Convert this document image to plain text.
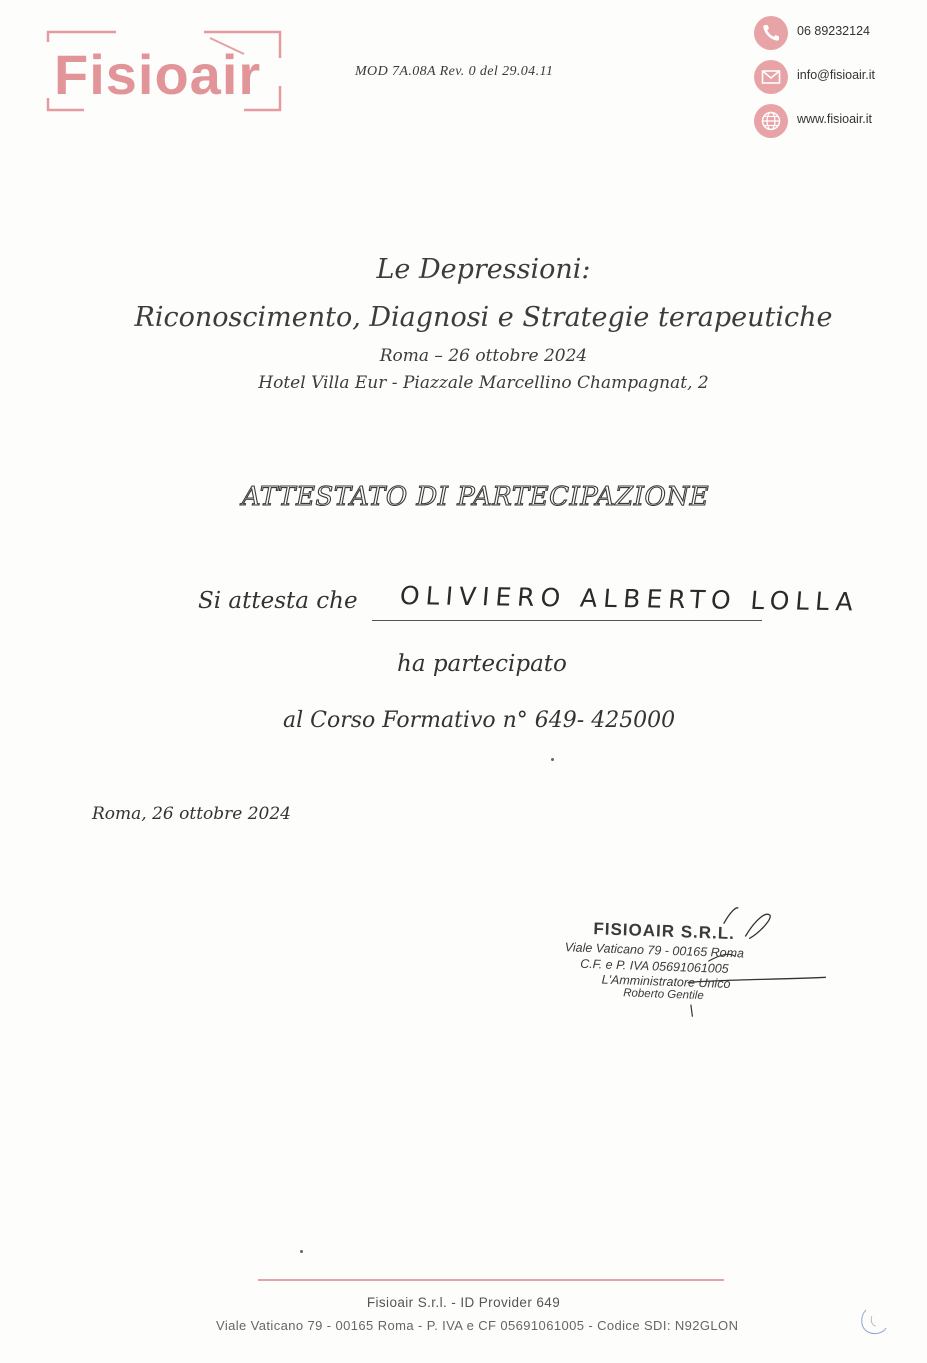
Fisioair	MOD 7A.08A Rev. 0 del 29.04.11
06 89232124
info@fisioair.it
www.fisioair.it
Le Depressioni:
Riconoscimento, Diagnosi e Strategie terapeutiche
Roma – 26 ottobre 2024
Hotel Villa Eur - Piazzale Marcellino Champagnat, 2
ATTESTATO DI PARTECIPAZIONE
Si attesta che OLIVIERO ALBERTO LOLLA
ha partecipato
al Corso Formativo n° 649- 425000
Roma, 26 ottobre 2024
FISIOAIR S.R.L.
Viale Vaticano 79 - 00165 Roma
C.F. e P. IVA 05691061005
L'Amministratore Unico
Roberto Gentile
Fisioair S.r.l. - ID Provider 649
Viale Vaticano 79 - 00165 Roma - P. IVA e CF 05691061005 - Codice SDI: N92GLON
